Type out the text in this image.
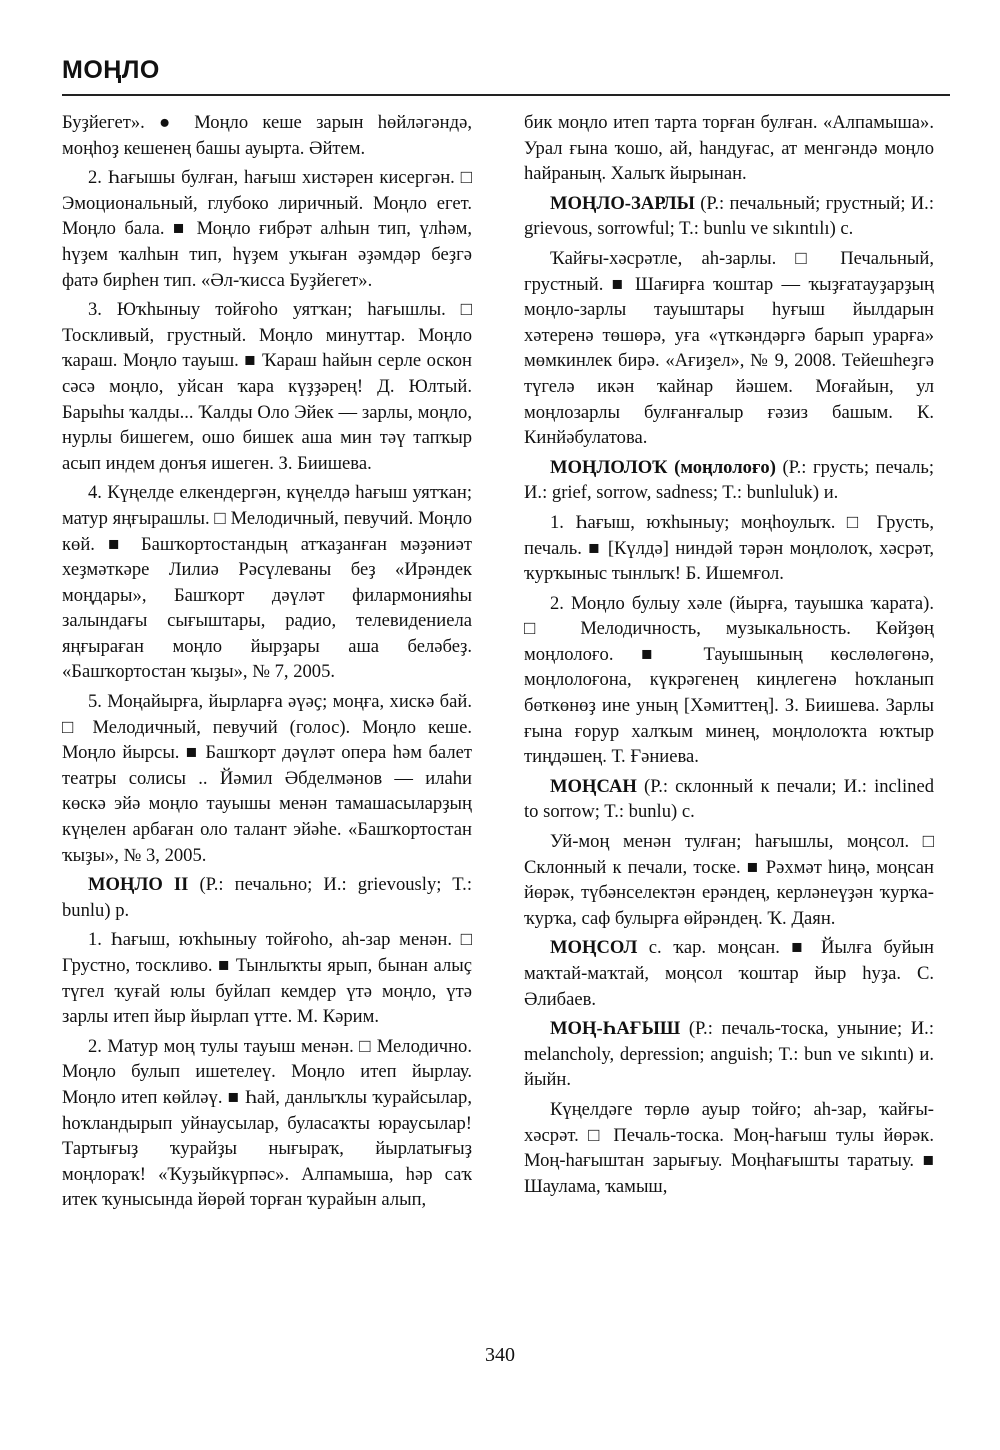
МОҢЛО

Буҙйегет». ● Моңло кеше зарын һөйләгәндә, моңһоҙ кешенең башы ауырта. Әйтем.

2. Һағышы булған, һағыш хистәрен кисергән. □ Эмоциональный, глубоко лиричный. Моңло егет. Моңло бала. ■ Моңло ғибрәт алһын тип, үлһәм, һүҙем ҡалһын тип, һүҙем уҡыған әҙәмдәр беҙгә фатә бирһен тип. «Әл-ҡисса Буҙйегет».

3. Юҡһыныу тойғоһо уятҡан; һағышлы. □ Тоскливый, грустный. Моңло минуттар. Моңло ҡараш. Моңло тауыш. ■ Ҡараш һайын серле оскон сәсә моңло, уйсан ҡара күҙҙәрең! Д. Юлтый. Барыһы ҡалды... Ҡалды Оло Эйек — зарлы, моңло, нурлы бишегем, ошо бишек аша мин тәү тапҡыр асып индем донъя ишеген. З. Биишева.

4. Күңелде елкендергән, күңелдә һағыш уятҡан; матур яңғырашлы. □ Мелодичный, певучий. Моңло көй. ■ Башҡортостандың атҡаҙанған мәҙәниәт хеҙмәткәре Лилиә Рәсүлеваны беҙ «Ирәндек моңдары», Башҡорт дәүләт филармонияһы залындағы сығыштары, радио, телевидениела яңғыраған моңло йырҙары аша беләбеҙ. «Башҡортостан ҡыҙы», № 7, 2005.

5. Моңайырға, йырларға әүәҫ; моңға, хискә бай. □ Мелодичный, певучий (голос). Моңло кеше. Моңло йырсы. ■ Башҡорт дәүләт опера һәм балет театры солисы .. Йәмил Әбделмәнов — илаһи көскә эйә моңло тауышы менән тамашасыларҙың күңелен арбаған оло талант эйәһе. «Башҡортостан ҡыҙы», № 3, 2005.

МОҢЛО II (Р.: печально; И.: grievously; T.: bunlu) р.

1. Һағыш, юҡһыныу тойғоһо, аһ-зар менән. □ Грустно, тоскливо. ■ Тынлыҡты ярып, бынан алыҫ түгел ҡуғай юлы буйлап кемдер үтә моңло, үтә зарлы итеп йыр йырлап үтте. М. Кәрим.

2. Матур моң тулы тауыш менән. □ Мелодично. Моңло булып ишетелеү. Моңло итеп йырлау. Моңло итеп көйләү. ■ Һай, данлыҡлы ҡурайсылар, һоҡландырып уйнаусылар, буласаҡты юраусылар! Тартығыҙ ҡурайҙы нығыраҡ, йырлатығыҙ моңлораҡ! «Ҡуҙыйкүрпәс». Алпамыша, һәр саҡ итек ҡунысында йөрөй торған ҡурайын алып,

бик моңло итеп тарта торған булған. «Алпамыша». Урал ғына ҡошо, ай, һандуғас, ат менгәндә моңло һайраның. Халыҡ йырынан.

МОҢЛО-ЗАРЛЫ (Р.: печальный; грустный; И.: grievous, sorrowful; T.: bunlu ve sıkıntılı) с.

Ҡайғы-хәсрәтле, аһ-зарлы. □ Печальный, грустный. ■ Шағирға ҡоштар — ҡыҙғатауҙарҙың моңло-зарлы тауыштары һуғыш йылдарын хәтеренә төшөрә, уға «үткәндәргә барып урарға» мөмкинлек бирә. «Ағиҙел», № 9, 2008. Тейешһеҙгә түгелә икән ҡайнар йәшем. Моғайын, ул моңлозарлы булғанғалыр ғәзиз башым. К. Кинйәбулатова.

МОҢЛОЛОҠ (моңлолоғо) (Р.: грусть; печаль; И.: grief, sorrow, sadness; T.: bunluluk) и.

1. Һағыш, юҡһыныу; моңһоулыҡ. □ Грусть, печаль. ■ [Күлдә] ниндәй тәрән моңлолоҡ, хәсрәт, ҡурҡыныс тынлыҡ! Б. Ишемғол.

2. Моңло булыу хәле (йырға, тауышка ҡарата). □ Мелодичность, музыкальность. Көйҙөң моңлолоғо. ■ Тауышының көслөлөгөнә, моңлолоғона, күкрәгенең киңлегенә һоҡланып бөткөнөҙ ине уның [Хәмиттең]. З. Биишева. Зарлы ғына ғорур халҡым минең, моңлолоҡта юҡтыр тиңдәшең. Т. Ғәниева.

МОҢСАН (Р.: склонный к печали; И.: inclined to sorrow; T.: bunlu) с.

Уй-моң менән тулған; һағышлы, моңсол. □ Склонный к печали, тоске. ■ Рәхмәт һиңә, моңсан йөрәк, түбәнселектән ерәндең, керләнеүҙән ҡурҡа-ҡурҡа, саф булырға өйрәндең. Ҡ. Даян.

МОҢСОЛ с. ҡар. моңсан. ■ Йылға буйын маҡтай-маҡтай, моңсол ҡоштар йыр һуҙа. С. Әлибаев.

МОҢ-ҺАҒЫШ (Р.: печаль-тоска, уныние; И.: melancholy, depression; anguish; T.: bun ve sıkıntı) и. йыйн.

Күңелдәге төрлө ауыр тойғо; аһ-зар, ҡайғы-хәсрәт. □ Печаль-тоска. Моң-һағыш тулы йөрәк. Моң-һағыштан зарығыу. Моңһағышты таратыу. ■ Шаулама, ҡамыш,

340
